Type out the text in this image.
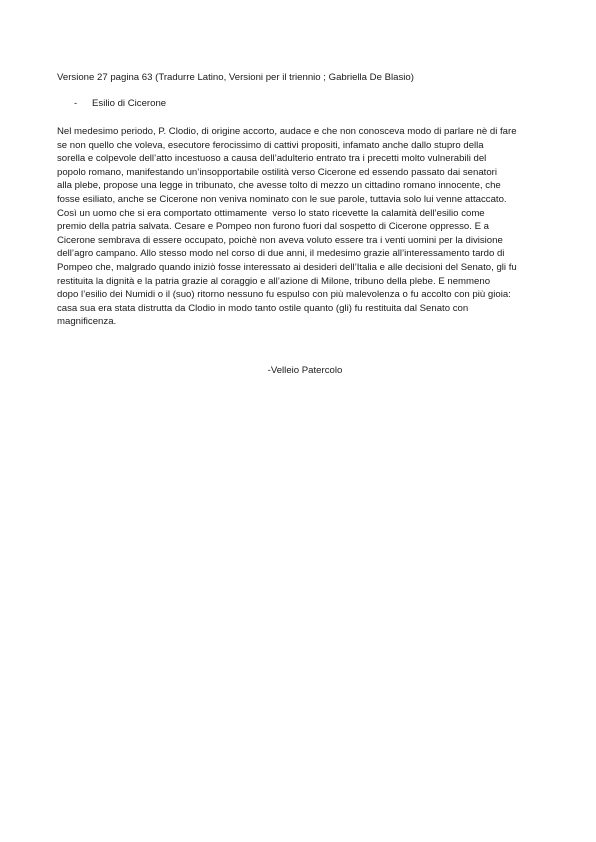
Versione 27 pagina 63 (Tradurre Latino, Versioni per il triennio ; Gabriella De Blasio)
- Esilio di Cicerone
Nel medesimo periodo, P. Clodio, di origine accorto, audace e che non conosceva modo di parlare nè di fare
se non quello che voleva, esecutore ferocissimo di cattivi propositi, infamato anche dallo stupro della
sorella e colpevole dell’atto incestuoso a causa dell’adulterio entrato tra i precetti molto vulnerabili del
popolo romano, manifestando un’insopportabile ostilità verso Cicerone ed essendo passato dai senatori
alla plebe, propose una legge in tribunato, che avesse tolto di mezzo un cittadino romano innocente, che
fosse esiliato, anche se Cicerone non veniva nominato con le sue parole, tuttavia solo lui venne attaccato.
Così un uomo che si era comportato ottimamente  verso lo stato ricevette la calamità dell’esilio come
premio della patria salvata. Cesare e Pompeo non furono fuori dal sospetto di Cicerone oppresso. E a
Cicerone sembrava di essere occupato, poichè non aveva voluto essere tra i venti uomini per la divisione
dell’agro campano. Allo stesso modo nel corso di due anni, il medesimo grazie all’interessamento tardo di
Pompeo che, malgrado quando iniziò fosse interessato ai desideri dell’Italia e alle decisioni del Senato, gli fu
restituita la dignità e la patria grazie al coraggio e all’azione di Milone, tribuno della plebe. E nemmeno
dopo l’esilio dei Numidi o il (suo) ritorno nessuno fu espulso con più malevolenza o fu accolto con più gioia:
casa sua era stata distrutta da Clodio in modo tanto ostile quanto (gli) fu restituita dal Senato con
magnificenza.
-Velleio Patercolo
